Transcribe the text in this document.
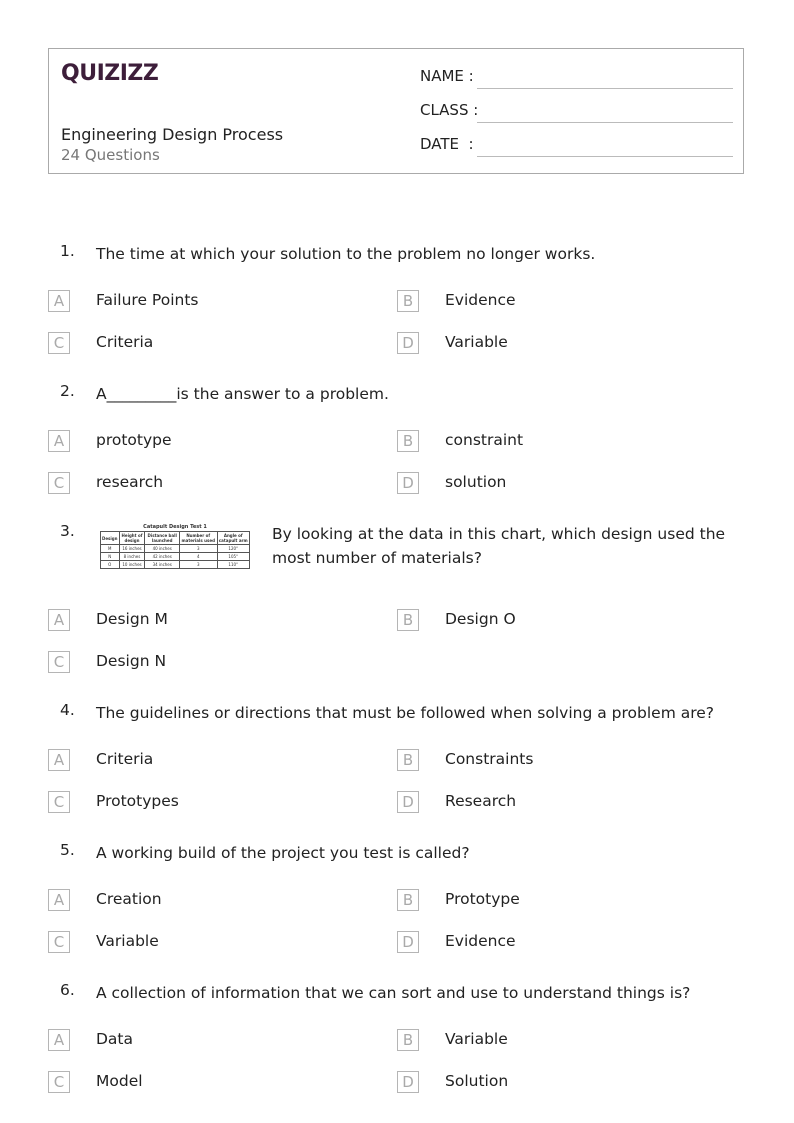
QUIZIZZ
Engineering Design Process
24 Questions
NAME :
CLASS :
DATE  :
1. The time at which your solution to the problem no longer works.
A	Failure Points	B	Evidence
C	Criteria	D	Variable
2. A_________is the answer to a problem.
A	prototype	B	constraint
C	research	D	solution
3.	Catapult Design Test 1
Design	Height of design	Distance ball launched	Number of materials used	Angle of catapult arm
M	16 inches	40 inches	3	120°
N	8 inches	42 inches	4	105°
O	10 inches	34 inches	3	110°
By looking at the data in this chart, which design used the most number of materials?
A	Design M	B	Design O
C	Design N
4. The guidelines or directions that must be followed when solving a problem are?
A	Criteria	B	Constraints
C	Prototypes	D	Research
5. A working build of the project you test is called?
A	Creation	B	Prototype
C	Variable	D	Evidence
6. A collection of information that we can sort and use to understand things is?
A	Data	B	Variable
C	Model	D	Solution
